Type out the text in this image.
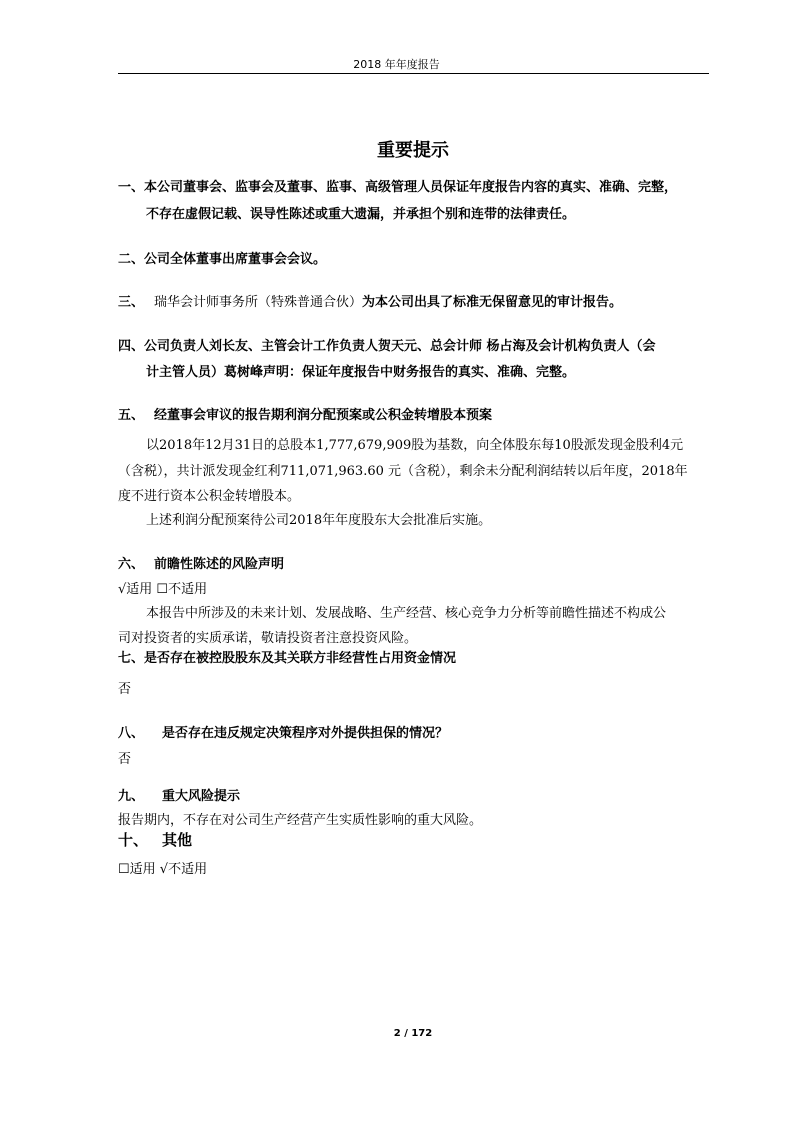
2018 年年度报告
重要提示
一、本公司董事会、监事会及董事、监事、高级管理人员保证年度报告内容的真实、准确、完整，
不存在虚假记载、误导性陈述或重大遗漏，并承担个别和连带的法律责任。
二、公司全体董事出席董事会会议。
三、 瑞华会计师事务所（特殊普通合伙）为本公司出具了标准无保留意见的审计报告。
四、公司负责人刘长友、主管会计工作负责人贺天元、总会计师 杨占海及会计机构负责人（会
计主管人员）葛树峰声明：保证年度报告中财务报告的真实、准确、完整。
五、 经董事会审议的报告期利润分配预案或公积金转增股本预案
以2018年12月31日的总股本1,777,679,909股为基数，向全体股东每10股派发现金股利4元
（含税），共计派发现金红利711,071,963.60 元（含税），剩余未分配利润结转以后年度，2018年
度不进行资本公积金转增股本。
上述利润分配预案待公司2018年年度股东大会批准后实施。
六、 前瞻性陈述的风险声明
√适用 ☐不适用
本报告中所涉及的未来计划、发展战略、生产经营、核心竞争力分析等前瞻性描述不构成公
司对投资者的实质承诺，敬请投资者注意投资风险。
七、是否存在被控股股东及其关联方非经营性占用资金情况
否
八、 是否存在违反规定决策程序对外提供担保的情况？
否
九、 重大风险提示
报告期内，不存在对公司生产经营产生实质性影响的重大风险。
十、 其他
☐适用 √不适用
2 / 172
